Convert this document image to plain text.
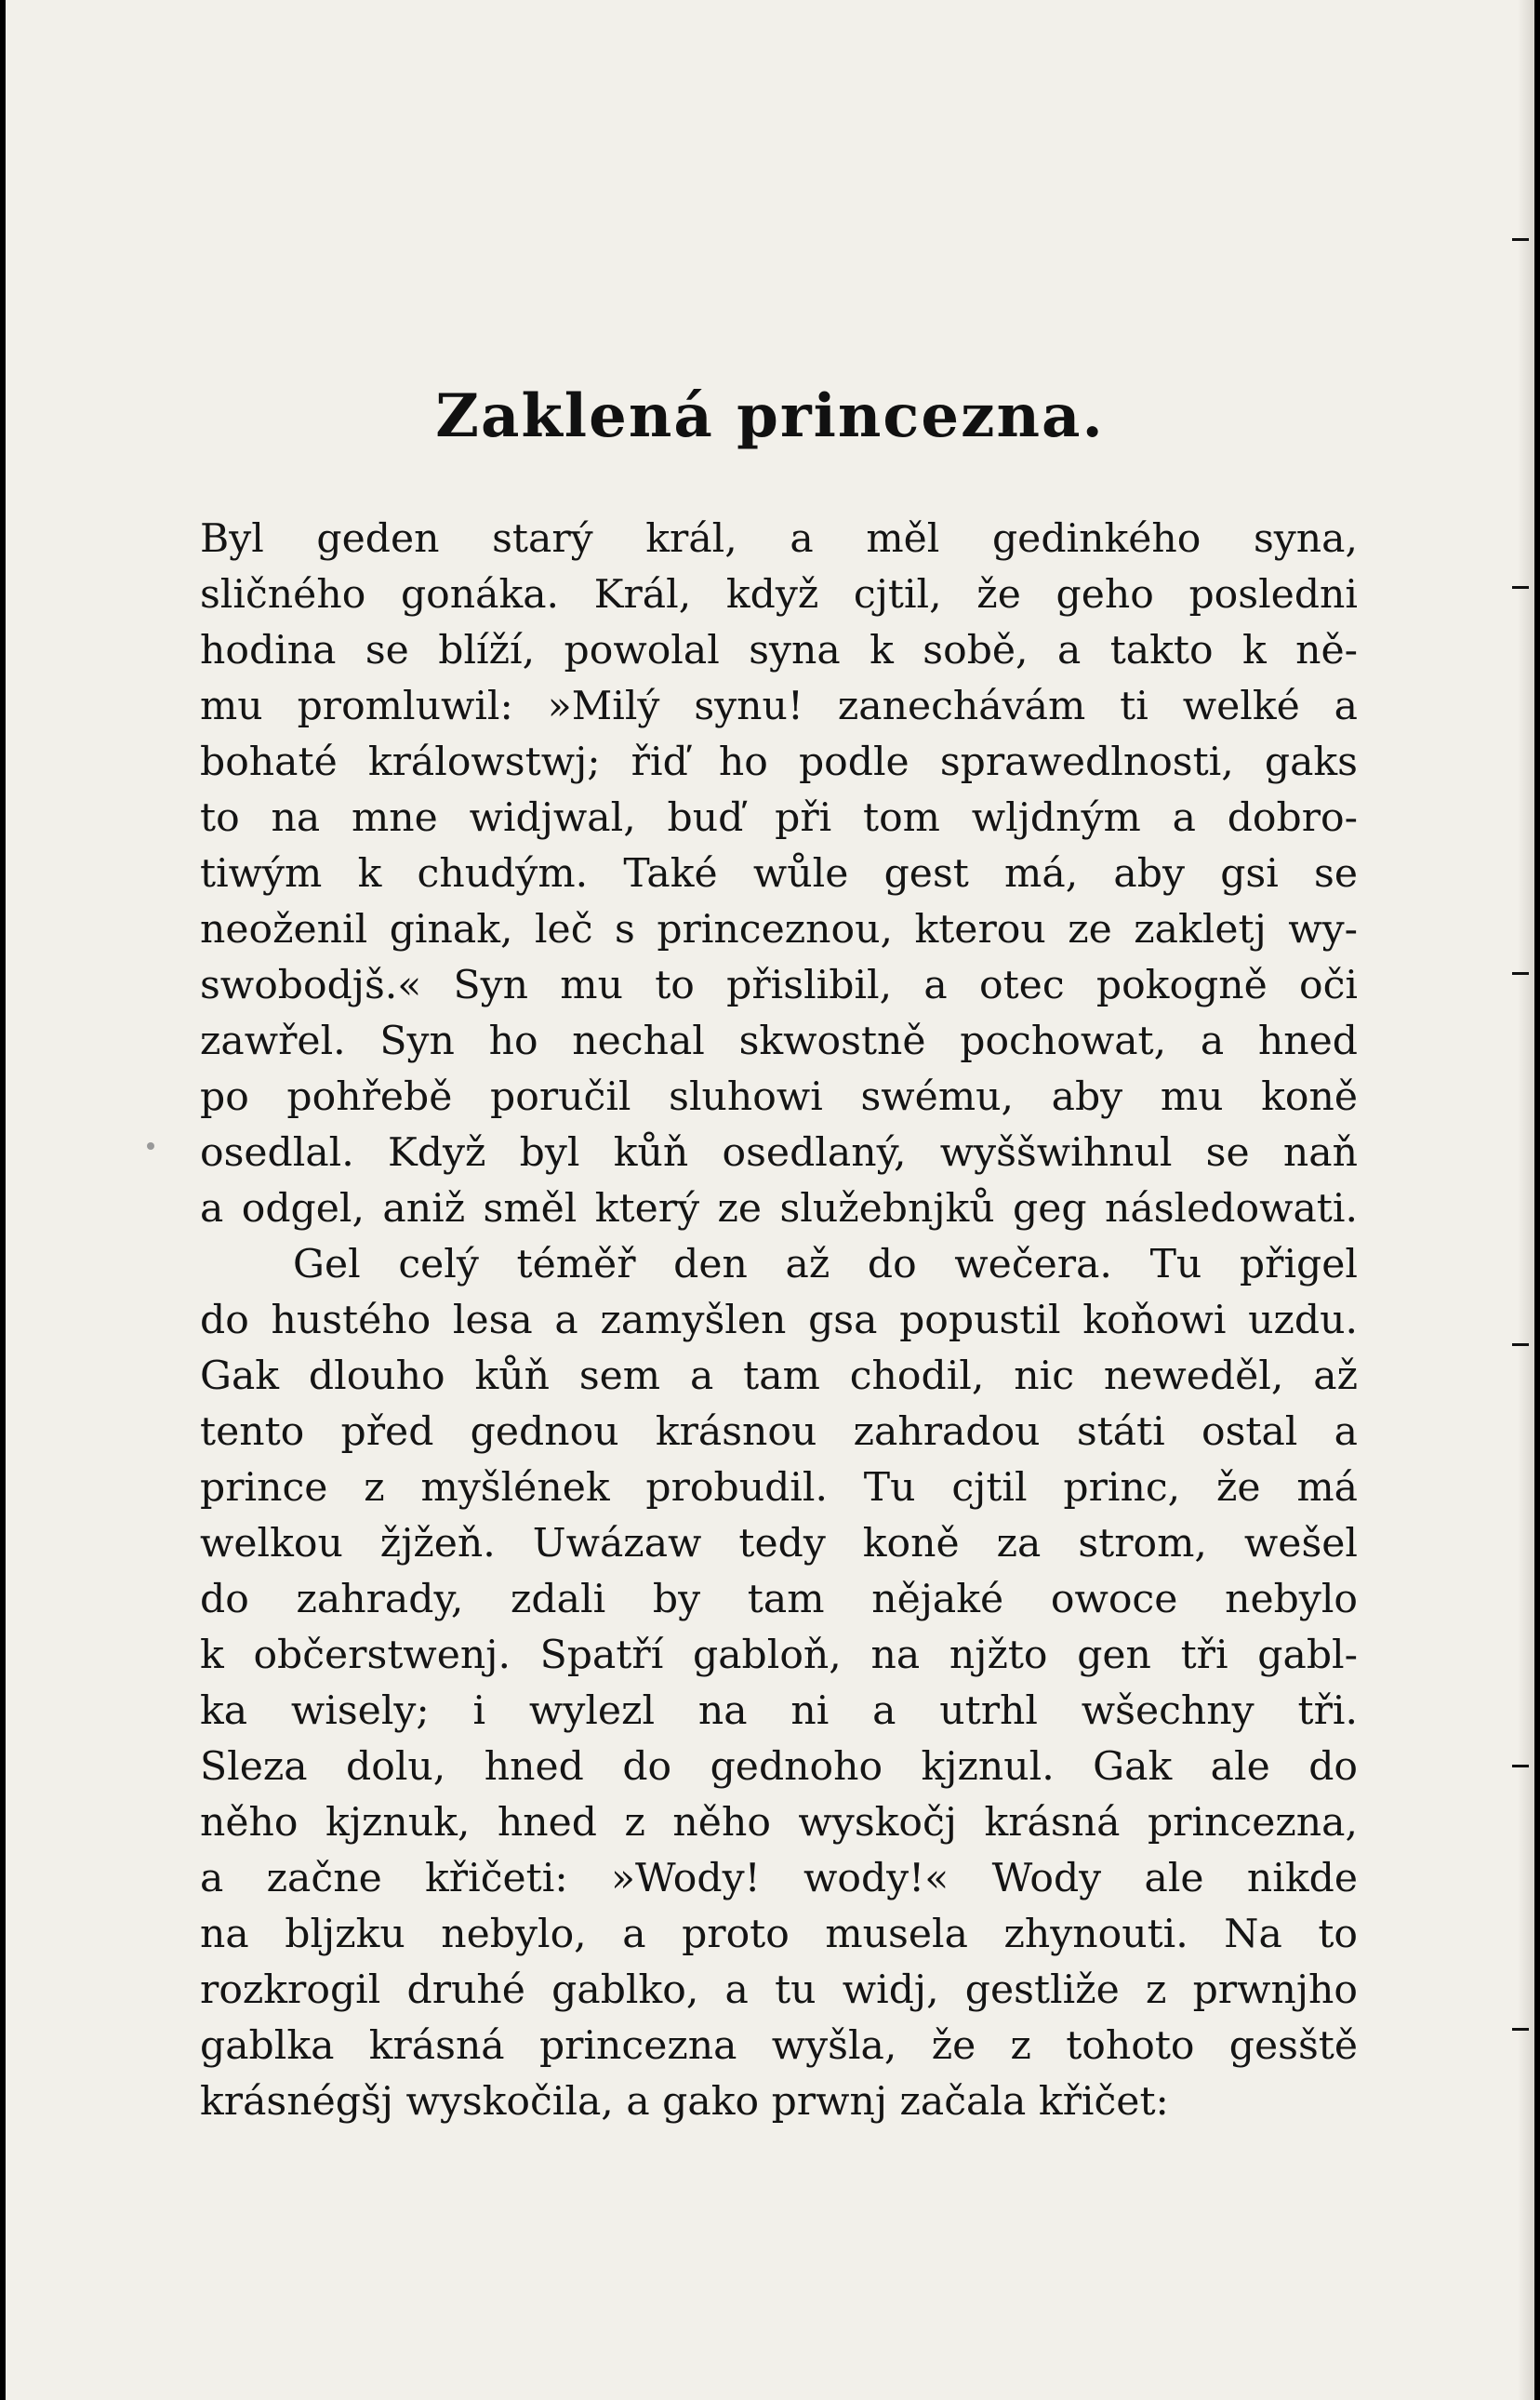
Zaklená princezna.
Byl geden starý král, a měl gedinkého syna,
sličného gonáka. Král, když cjtil, že geho posledni
hodina se blíží, powolal syna k sobě, a takto k ně-
mu promluwil: »Milý synu! zanechávám ti welké a
bohaté králowstwj; řiď ho podle sprawedlnosti, gaks
to na mne widjwal, buď při tom wljdným a dobro-
tiwým k chudým. Také wůle gest má, aby gsi se
neoženil ginak, leč s princeznou, kterou ze zakletj wy-
swobodjš.« Syn mu to přislibil, a otec pokogně oči
zawřel. Syn ho nechal skwostně pochowat, a hned
po pohřebě poručil sluhowi swému, aby mu koně
osedlal. Když byl kůň osedlaný, wyššwihnul se naň
a odgel, aniž směl který ze služebnjků geg následowati.
Gel celý téměř den až do wečera. Tu přigel
do hustého lesa a zamyšlen gsa popustil koňowi uzdu.
Gak dlouho kůň sem a tam chodil, nic neweděl, až
tento před gednou krásnou zahradou státi ostal a
prince z myšlének probudil. Tu cjtil princ, že má
welkou žjžeň. Uwázaw tedy koně za strom, wešel
do zahrady, zdali by tam nějaké owoce nebylo
k občerstwenj. Spatří gabloň, na njžto gen tři gabl-
ka wisely; i wylezl na ni a utrhl wšechny tři.
Sleza dolu, hned do gednoho kjznul. Gak ale do
něho kjznuk, hned z něho wyskočj krásná princezna,
a začne křičeti: »Wody! wody!« Wody ale nikde
na bljzku nebylo, a proto musela zhynouti. Na to
rozkrogil druhé gablko, a tu widj, gestliže z prwnjho
gablka krásná princezna wyšla, že z tohoto gesště
krásnégšj wyskočila, a gako prwnj začala křičet:
